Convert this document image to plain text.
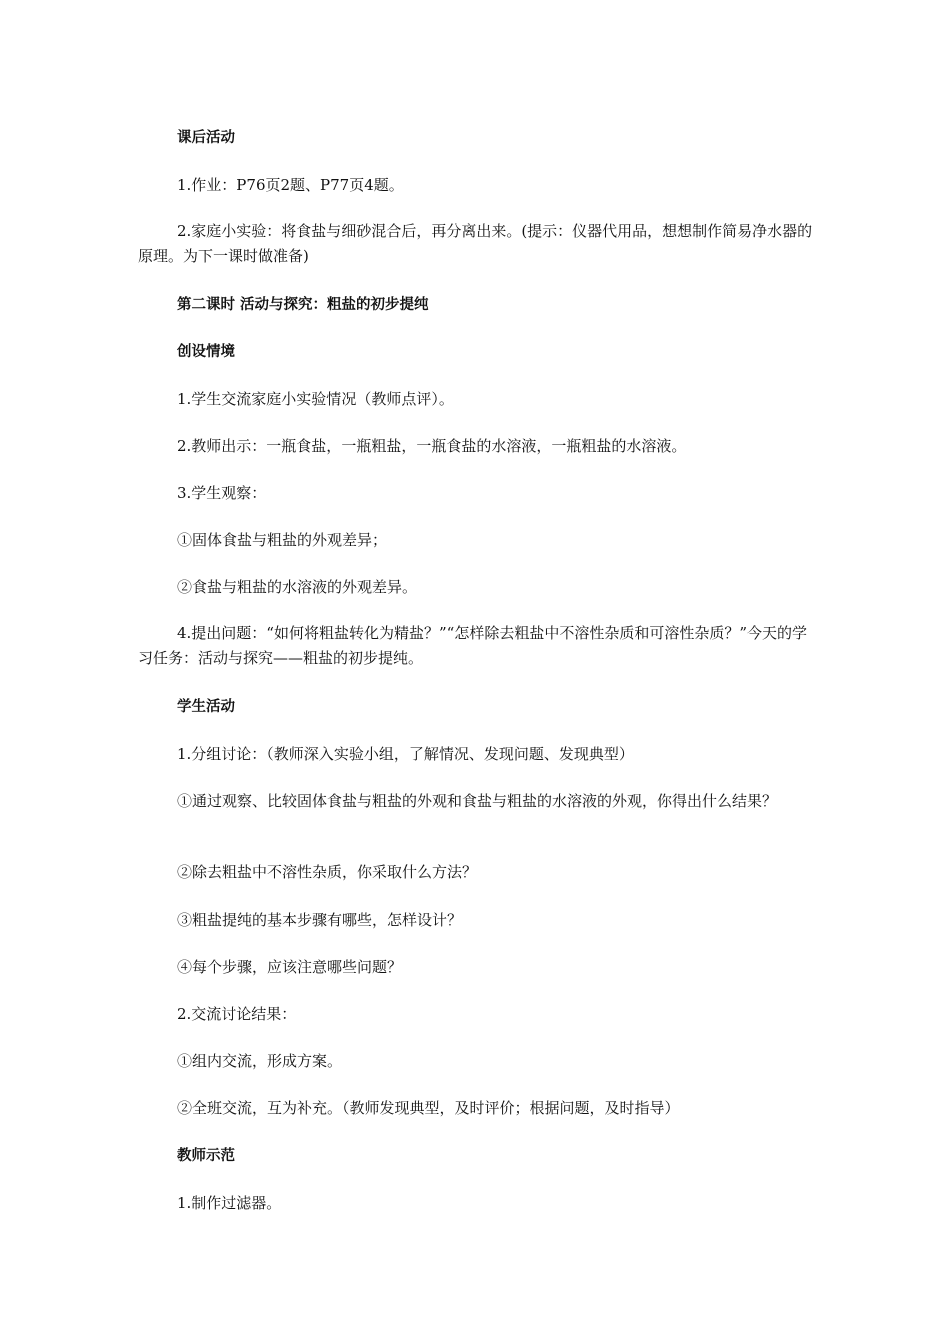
课后活动
1.作业：P76页2题、P77页4题。
2.家庭小实验：将食盐与细砂混合后，再分离出来。(提示：仪器代用品，想想制作简易净水器的原理。为下一课时做准备)
第二课时 活动与探究：粗盐的初步提纯
创设情境
1.学生交流家庭小实验情况（教师点评）。
2.教师出示：一瓶食盐，一瓶粗盐，一瓶食盐的水溶液，一瓶粗盐的水溶液。
3.学生观察：
①固体食盐与粗盐的外观差异；
②食盐与粗盐的水溶液的外观差异。
4.提出问题：“如何将粗盐转化为精盐？”“怎样除去粗盐中不溶性杂质和可溶性杂质？”今天的学习任务：活动与探究——粗盐的初步提纯。
学生活动
1.分组讨论：（教师深入实验小组，了解情况、发现问题、发现典型）
①通过观察、比较固体食盐与粗盐的外观和食盐与粗盐的水溶液的外观，你得出什么结果？
②除去粗盐中不溶性杂质，你采取什么方法？
③粗盐提纯的基本步骤有哪些，怎样设计？
④每个步骤，应该注意哪些问题？
2.交流讨论结果：
①组内交流，形成方案。
②全班交流，互为补充。（教师发现典型，及时评价；根据问题，及时指导）
教师示范
1.制作过滤器。
